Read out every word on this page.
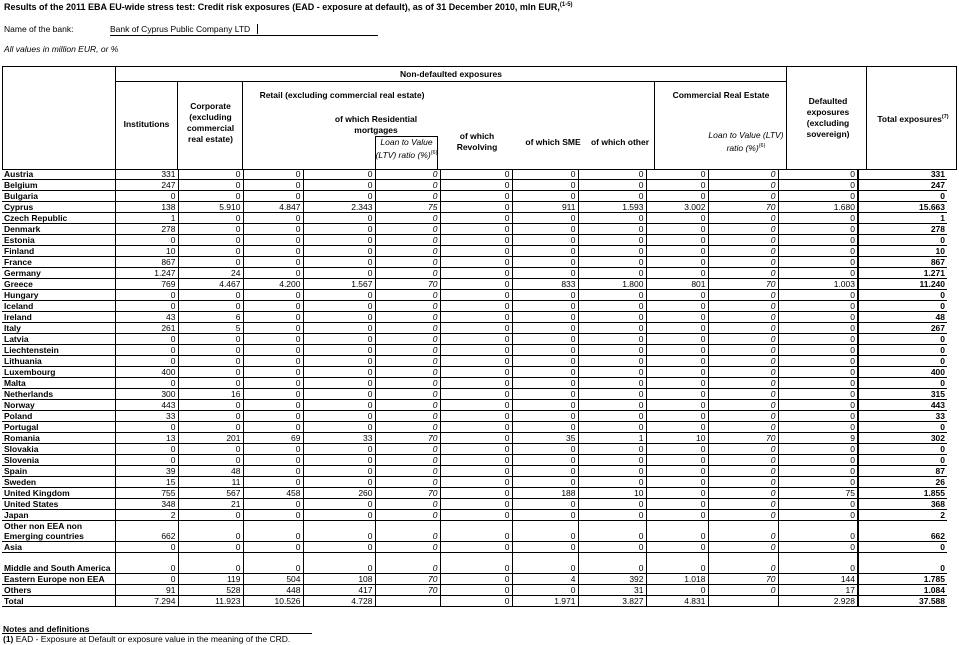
Results of the 2011 EBA EU-wide stress test: Credit risk exposures (EAD - exposure at default), as of 31 December 2010, mln EUR,$^{(1-5)}$
Name of the bank:	Bank of Cyprus Public Company LTD
All values in million EUR, or %
Non-defaulted exposures
Institutions
Corporate (excluding commercial real estate)
Retail (excluding commercial real estate)
of which Residential mortgages
Loan to Value (LTV) ratio (%)$^{(6)}$
of which Revolving	of which SME	of which other
Commercial Real Estate
Loan to Value (LTV) ratio (%)$^{(6)}$
Defaulted exposures (excluding sovereign)
Total exposures$^{(7)}$
Austria	331	0	0	0	0	0	0	0	0	0	0	331
Belgium	247	0	0	0	0	0	0	0	0	0	0	247
Bulgaria	0	0	0	0	0	0	0	0	0	0	0	0
Cyprus	138	5.910	4.847	2.343	75	0	911	1.593	3.002	70	1.680	15.663
Czech Republic	1	0	0	0	0	0	0	0	0	0	0	1
Denmark	278	0	0	0	0	0	0	0	0	0	0	278
Estonia	0	0	0	0	0	0	0	0	0	0	0	0
Finland	10	0	0	0	0	0	0	0	0	0	0	10
France	867	0	0	0	0	0	0	0	0	0	0	867
Germany	1.247	24	0	0	0	0	0	0	0	0	0	1.271
Greece	769	4.467	4.200	1.567	70	0	833	1.800	801	70	1.003	11.240
Hungary	0	0	0	0	0	0	0	0	0	0	0	0
Iceland	0	0	0	0	0	0	0	0	0	0	0	0
Ireland	43	6	0	0	0	0	0	0	0	0	0	48
Italy	261	5	0	0	0	0	0	0	0	0	0	267
Latvia	0	0	0	0	0	0	0	0	0	0	0	0
Liechtenstein	0	0	0	0	0	0	0	0	0	0	0	0
Lithuania	0	0	0	0	0	0	0	0	0	0	0	0
Luxembourg	400	0	0	0	0	0	0	0	0	0	0	400
Malta	0	0	0	0	0	0	0	0	0	0	0	0
Netherlands	300	16	0	0	0	0	0	0	0	0	0	315
Norway	443	0	0	0	0	0	0	0	0	0	0	443
Poland	33	0	0	0	0	0	0	0	0	0	0	33
Portugal	0	0	0	0	0	0	0	0	0	0	0	0
Romania	13	201	69	33	70	0	35	1	10	70	9	302
Slovakia	0	0	0	0	0	0	0	0	0	0	0	0
Slovenia	0	0	0	0	0	0	0	0	0	0	0	0
Spain	39	48	0	0	0	0	0	0	0	0	0	87
Sweden	15	11	0	0	0	0	0	0	0	0	0	26
United Kingdom	755	567	458	260	70	0	188	10	0	0	75	1.855
United States	348	21	0	0	0	0	0	0	0	0	0	368
Japan	2	0	0	0	0	0	0	0	0	0	0	2
Other non EEA non Emerging countries	662	0	0	0	0	0	0	0	0	0	0	662
Asia	0	0	0	0	0	0	0	0	0	0	0	0
Middle and South America	0	0	0	0	0	0	0	0	0	0	0	0
Eastern Europe non EEA	0	119	504	108	70	0	4	392	1.018	70	144	1.785
Others	91	528	448	417	70	0	0	31	0	0	17	1.084
Total	7.294	11.923	10.526	4.728		0	1.971	3.827	4.831		2.928	37.588
Notes and definitions
(1) EAD - Exposure at Default or exposure value in the meaning of the CRD.
